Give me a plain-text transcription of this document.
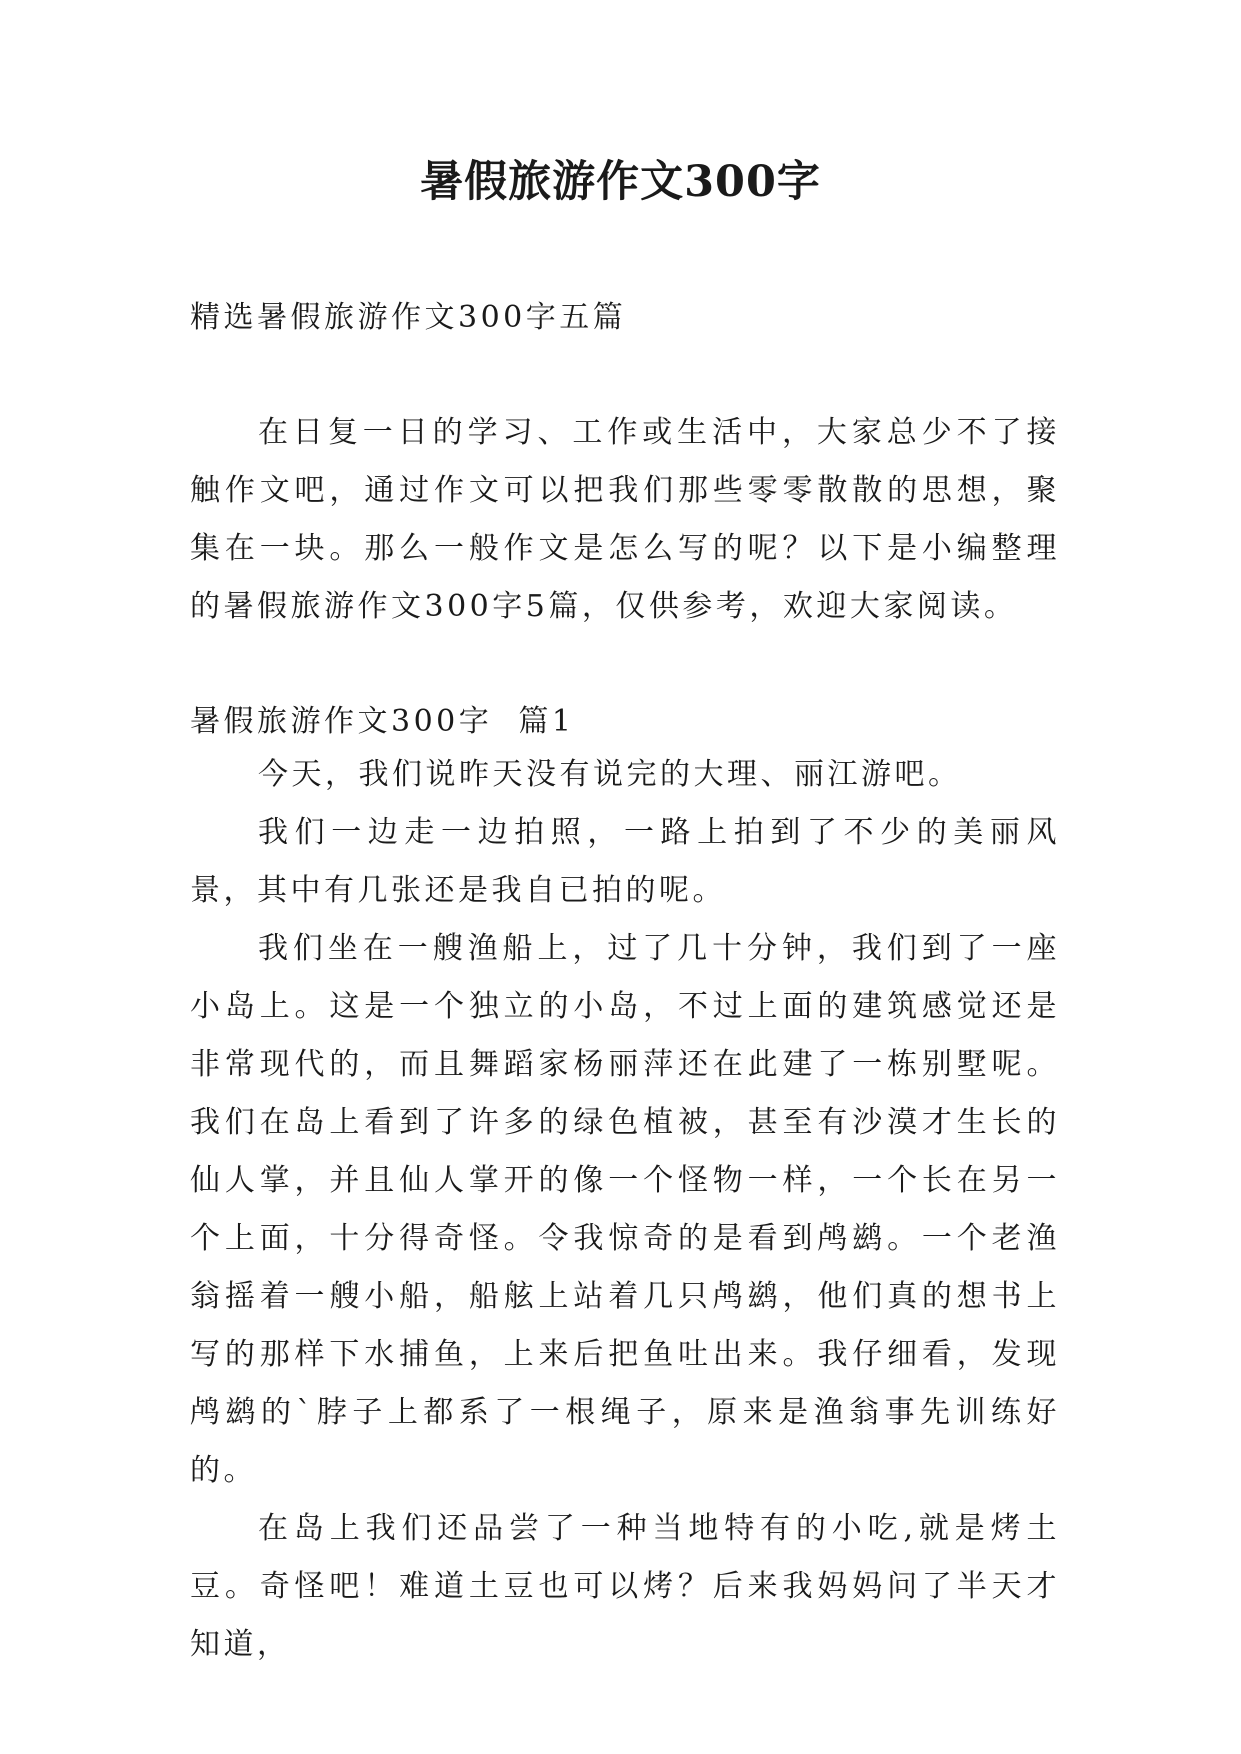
暑假旅游作文300字

精选暑假旅游作文300字五篇

在日复一日的学习、工作或生活中，大家总少不了接触作文吧，通过作文可以把我们那些零零散散的思想，聚集在一块。那么一般作文是怎么写的呢？以下是小编整理的暑假旅游作文300字5篇，仅供参考，欢迎大家阅读。

暑假旅游作文300字  篇1

今天，我们说昨天没有说完的大理、丽江游吧。

我们一边走一边拍照，一路上拍到了不少的美丽风景，其中有几张还是我自已拍的呢。

我们坐在一艘渔船上，过了几十分钟，我们到了一座小岛上。这是一个独立的小岛，不过上面的建筑感觉还是非常现代的，而且舞蹈家杨丽萍还在此建了一栋别墅呢。我们在岛上看到了许多的绿色植被，甚至有沙漠才生长的仙人掌，并且仙人掌开的像一个怪物一样，一个长在另一个上面，十分得奇怪。令我惊奇的是看到鸬鹚。一个老渔翁摇着一艘小船，船舷上站着几只鸬鹚，他们真的想书上写的那样下水捕鱼，上来后把鱼吐出来。我仔细看，发现鸬鹚的`脖子上都系了一根绳子，原来是渔翁事先训练好的。

在岛上我们还品尝了一种当地特有的小吃,就是烤土豆。奇怪吧！难道土豆也可以烤？后来我妈妈问了半天才知道，
